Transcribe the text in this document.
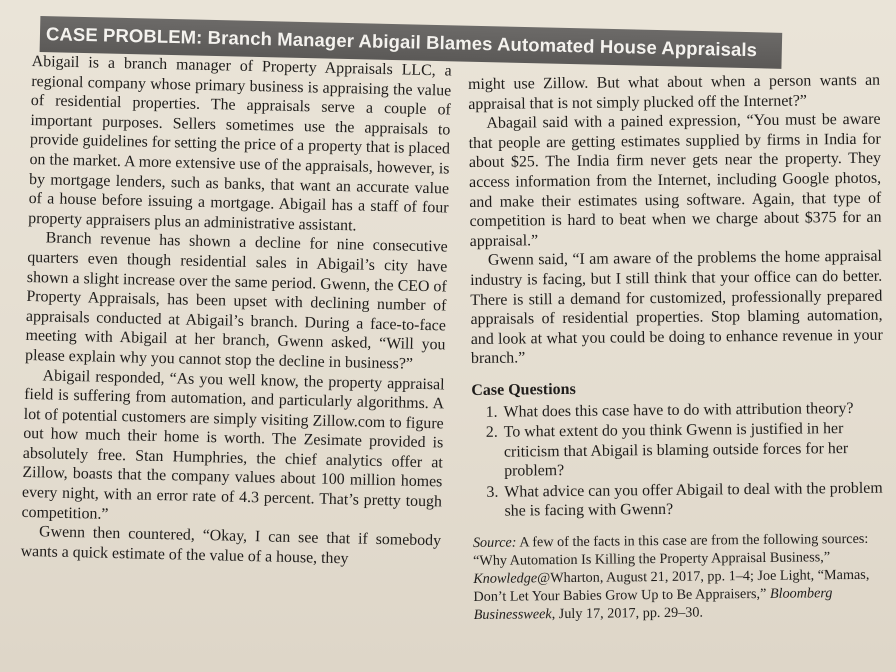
CASE PROBLEM: Branch Manager Abigail Blames Automated House Appraisals

Abigail is a branch manager of Property Appraisals LLC, a regional company whose primary business is appraising the value of residential properties. The appraisals serve a couple of important purposes. Sellers sometimes use the appraisals to provide guidelines for setting the price of a property that is placed on the market. A more extensive use of the appraisals, however, is by mortgage lenders, such as banks, that want an accurate value of a house before issuing a mortgage. Abigail has a staff of four property appraisers plus an administrative assistant.

Branch revenue has shown a decline for nine consecutive quarters even though residential sales in Abigail’s city have shown a slight increase over the same period. Gwenn, the CEO of Property Appraisals, has been upset with declining number of appraisals conducted at Abigail’s branch. During a face-to-face meeting with Abigail at her branch, Gwenn asked, “Will you please explain why you cannot stop the decline in business?”

Abigail responded, “As you well know, the property appraisal field is suffering from automation, and particularly algorithms. A lot of potential customers are simply visiting Zillow.com to figure out how much their home is worth. The Zesimate provided is absolutely free. Stan Humphries, the chief analytics offer at Zillow, boasts that the company values about 100 million homes every night, with an error rate of 4.3 percent. That’s pretty tough competition.”

Gwenn then countered, “Okay, I can see that if somebody wants a quick estimate of the value of a house, they

might use Zillow. But what about when a person wants an appraisal that is not simply plucked off the Internet?”

Abagail said with a pained expression, “You must be aware that people are getting estimates supplied by firms in India for about $25. The India firm never gets near the property. They access information from the Internet, including Google photos, and make their estimates using software. Again, that type of competition is hard to beat when we charge about $375 for an appraisal.”

Gwenn said, “I am aware of the problems the home appraisal industry is facing, but I still think that your office can do better. There is still a demand for customized, professionally prepared appraisals of residential properties. Stop blaming automation, and look at what you could be doing to enhance revenue in your branch.”

Case Questions
1. What does this case have to do with attribution theory?
2. To what extent do you think Gwenn is justified in her criticism that Abigail is blaming outside forces for her problem?
3. What advice can you offer Abigail to deal with the problem she is facing with Gwenn?
Source: A few of the facts in this case are from the following sources: “Why Automation Is Killing the Property Appraisal Business,” Knowledge@Wharton, August 21, 2017, pp. 1–4; Joe Light, “Mamas, Don’t Let Your Babies Grow Up to Be Appraisers,” Bloomberg Businessweek, July 17, 2017, pp. 29–30.
